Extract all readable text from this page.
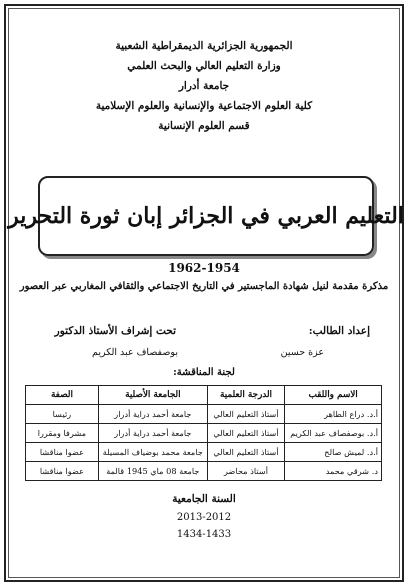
الجمهورية الجزائرية الديمقراطية الشعبية
وزارة التعليم العالي والبحث العلمي
جامعة أدرار
كلية العلوم الاجتماعية والإنسانية والعلوم الإسلامية
قسم العلوم الإنسانية
التعليم العربي في الجزائر إبان ثورة التحرير
1962-1954
مذكرة مقدمة لنيل شهادة الماجستير في التاريخ الاجتماعي والثقافي المغاربي عبر العصور
إعداد الطالب:
عزة حسين
تحت إشراف الأستاذ الدكتور
بوصفصاف عبد الكريم
لجنة المناقشة:
الاسم واللقب	الدرجة العلمية	الجامعة الأصلية	الصفة
أ.د. دراع الطاهر	أستاذ التعليم العالي	جامعة أحمد دراية أدرار	رئيسا
أ.د. بوصفصاف عبد الكريم	أستاذ التعليم العالي	جامعة أحمد دراية أدرار	مشرفا ومقررا
أ.د. لميش صالح	أستاذ التعليم العالي	جامعة محمد بوضياف المسيلة	عضوا مناقشا
د. شرقي محمد	أستاذ محاضر	جامعة 08 ماي 1945 قالمة	عضوا مناقشا
السنة الجامعية
2013-2012
1434-1433
